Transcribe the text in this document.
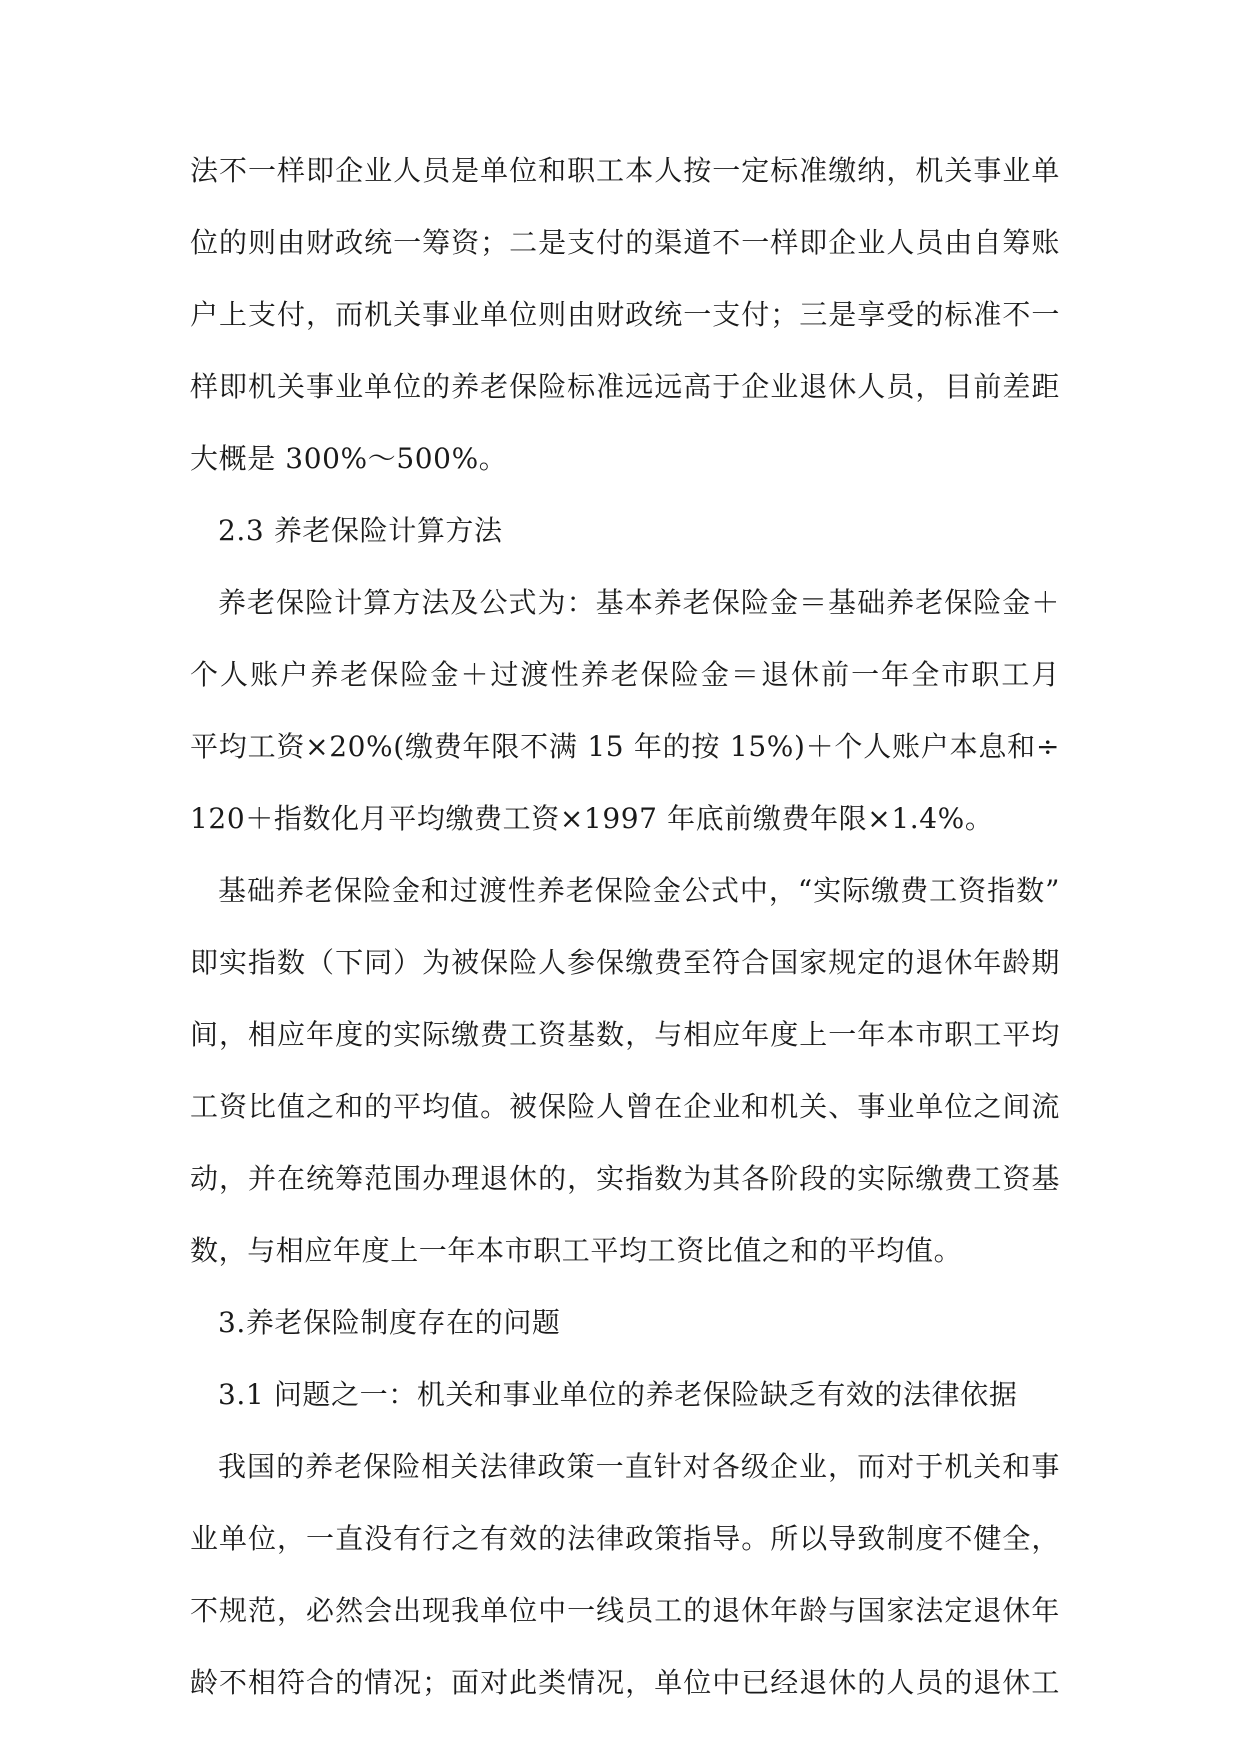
法不一样即企业人员是单位和职工本人按一定标准缴纳，机关事业单
位的则由财政统一筹资；二是支付的渠道不一样即企业人员由自筹账
户上支付，而机关事业单位则由财政统一支付；三是享受的标准不一
样即机关事业单位的养老保险标准远远高于企业退休人员，目前差距
大概是 300%～500%。
2.3 养老保险计算方法
养老保险计算方法及公式为：基本养老保险金＝基础养老保险金＋
个人账户养老保险金＋过渡性养老保险金＝退休前一年全市职工月
平均工资×20%(缴费年限不满 15 年的按 15%)＋个人账户本息和÷
120＋指数化月平均缴费工资×1997 年底前缴费年限×1.4%。
基础养老保险金和过渡性养老保险金公式中，“实际缴费工资指数”
即实指数（下同）为被保险人参保缴费至符合国家规定的退休年龄期
间，相应年度的实际缴费工资基数，与相应年度上一年本市职工平均
工资比值之和的平均值。被保险人曾在企业和机关、事业单位之间流
动，并在统筹范围办理退休的，实指数为其各阶段的实际缴费工资基
数，与相应年度上一年本市职工平均工资比值之和的平均值。
3.养老保险制度存在的问题
3.1 问题之一：机关和事业单位的养老保险缺乏有效的法律依据
我国的养老保险相关法律政策一直针对各级企业，而对于机关和事
业单位，一直没有行之有效的法律政策指导。所以导致制度不健全，
不规范，必然会出现我单位中一线员工的退休年龄与国家法定退休年
龄不相符合的情况；面对此类情况，单位中已经退休的人员的退休工
